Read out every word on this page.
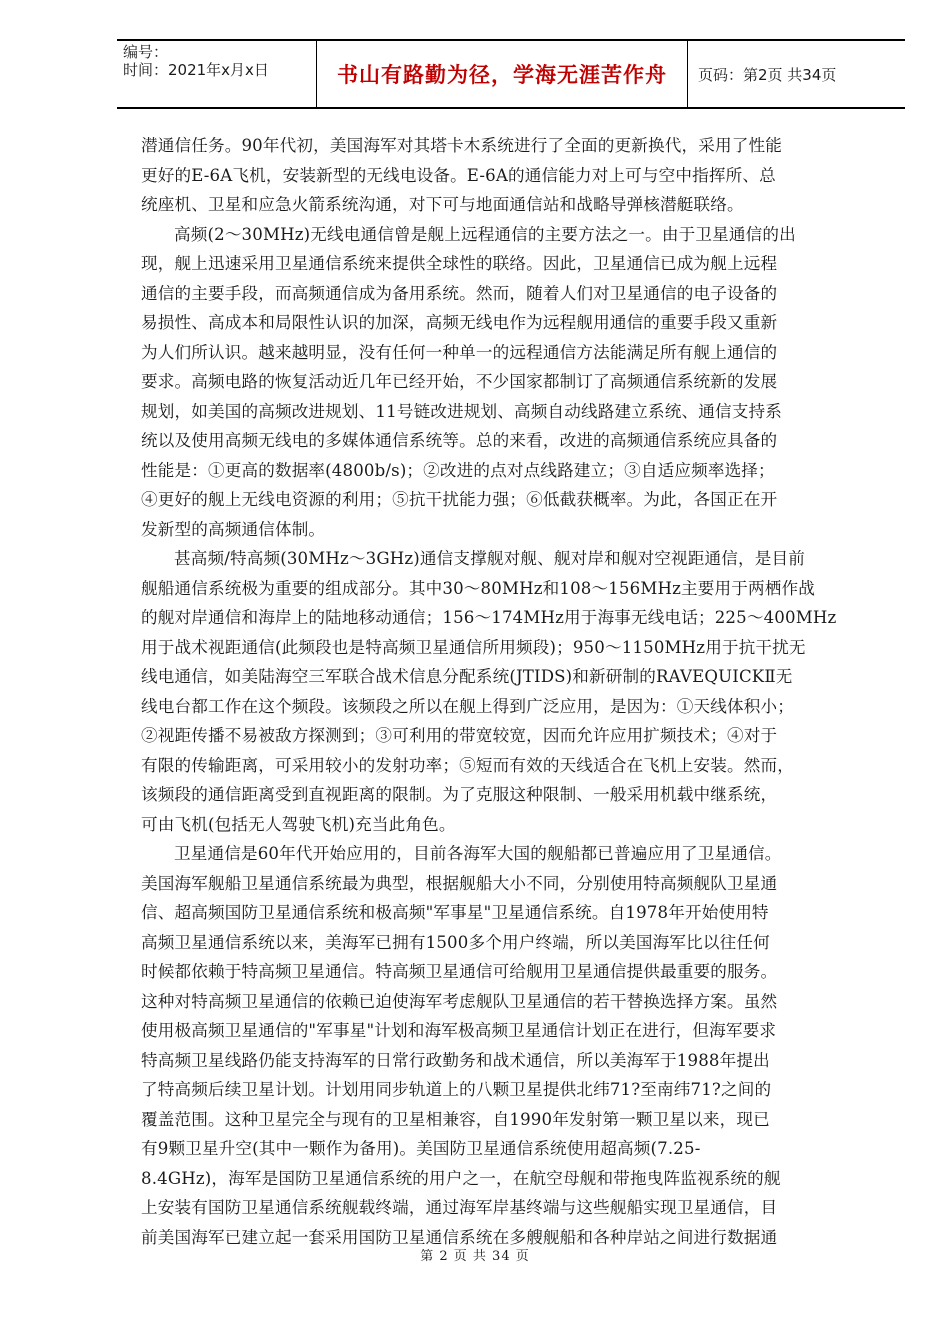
编号：
时间：2021年x月x日	书山有路勤为径，学海无涯苦作舟 页码：第2页 共34页
潜通信任务。90年代初，美国海军对其塔卡木系统进行了全面的更新换代，采用了性能
更好的E-6A飞机，安装新型的无线电设备。E-6A的通信能力对上可与空中指挥所、总
统座机、卫星和应急火箭系统沟通，对下可与地面通信站和战略导弹核潜艇联络。
高频(2～30MHz)无线电通信曾是舰上远程通信的主要方法之一。由于卫星通信的出
现，舰上迅速采用卫星通信系统来提供全球性的联络。因此，卫星通信已成为舰上远程
通信的主要手段，而高频通信成为备用系统。然而，随着人们对卫星通信的电子设备的
易损性、高成本和局限性认识的加深，高频无线电作为远程舰用通信的重要手段又重新
为人们所认识。越来越明显，没有任何一种单一的远程通信方法能满足所有舰上通信的
要求。高频电路的恢复活动近几年已经开始，不少国家都制订了高频通信系统新的发展
规划，如美国的高频改进规划、11号链改进规划、高频自动线路建立系统、通信支持系
统以及使用高频无线电的多媒体通信系统等。总的来看，改进的高频通信系统应具备的
性能是：①更高的数据率(4800b/s)；②改进的点对点线路建立；③自适应频率选择；
④更好的舰上无线电资源的利用；⑤抗干扰能力强；⑥低截获概率。为此，各国正在开
发新型的高频通信体制。
甚高频/特高频(30MHz～3GHz)通信支撑舰对舰、舰对岸和舰对空视距通信，是目前
舰船通信系统极为重要的组成部分。其中30～80MHz和108～156MHz主要用于两栖作战
的舰对岸通信和海岸上的陆地移动通信；156～174MHz用于海事无线电话；225～400MHz
用于战术视距通信(此频段也是特高频卫星通信所用频段)；950～1150MHz用于抗干扰无
线电通信，如美陆海空三军联合战术信息分配系统(JTIDS)和新研制的RAVEQUICKⅡ无
线电台都工作在这个频段。该频段之所以在舰上得到广泛应用，是因为：①天线体积小；
②视距传播不易被敌方探测到；③可利用的带宽较宽，因而允许应用扩频技术；④对于
有限的传输距离，可采用较小的发射功率；⑤短而有效的天线适合在飞机上安装。然而，
该频段的通信距离受到直视距离的限制。为了克服这种限制、一般采用机载中继系统，
可由飞机(包括无人驾驶飞机)充当此角色。
卫星通信是60年代开始应用的，目前各海军大国的舰船都已普遍应用了卫星通信。
美国海军舰船卫星通信系统最为典型，根据舰船大小不同，分别使用特高频舰队卫星通
信、超高频国防卫星通信系统和极高频"军事星"卫星通信系统。自1978年开始使用特
高频卫星通信系统以来，美海军已拥有1500多个用户终端，所以美国海军比以往任何
时候都依赖于特高频卫星通信。特高频卫星通信可给舰用卫星通信提供最重要的服务。
这种对特高频卫星通信的依赖已迫使海军考虑舰队卫星通信的若干替换选择方案。虽然
使用极高频卫星通信的"军事星"计划和海军极高频卫星通信计划正在进行，但海军要求
特高频卫星线路仍能支持海军的日常行政勤务和战术通信，所以美海军于1988年提出
了特高频后续卫星计划。计划用同步轨道上的八颗卫星提供北纬71?至南纬71?之间的
覆盖范围。这种卫星完全与现有的卫星相兼容，自1990年发射第一颗卫星以来，现已
有9颗卫星升空(其中一颗作为备用)。美国防卫星通信系统使用超高频(7.25-
8.4GHz)，海军是国防卫星通信系统的用户之一，在航空母舰和带拖曳阵监视系统的舰
上安装有国防卫星通信系统舰载终端，通过海军岸基终端与这些舰船实现卫星通信，目
前美国海军已建立起一套采用国防卫星通信系统在多艘舰船和各种岸站之间进行数据通
第 2 页 共 34 页
